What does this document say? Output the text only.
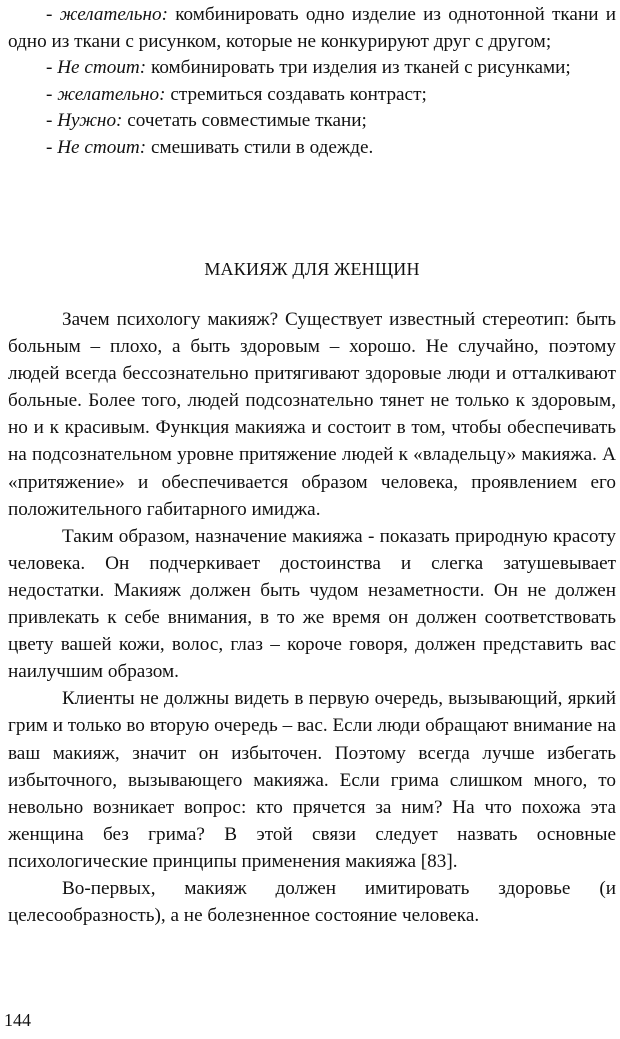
- желательно: комбинировать одно изделие из однотонной ткани и одно из ткани с рисунком, которые не конкурируют друг с другом;

- Не стоит: комбинировать три изделия из тканей с рисунками;

- желательно: стремиться создавать контраст;

- Нужно: сочетать совместимые ткани;

- Не стоит: смешивать стили в одежде.

МАКИЯЖ ДЛЯ ЖЕНЩИН

Зачем психологу макияж? Существует известный стереотип: быть больным – плохо, а быть здоровым – хорошо. Не случайно, поэтому людей всегда бессознательно притягивают здоровые люди и отталкивают больные. Более того, людей подсознательно тянет не только к здоровым, но и к красивым. Функция макияжа и состоит в том, чтобы обеспечивать на подсознательном уровне притяжение людей к «владельцу» макияжа. А «притяжение» и обеспечивается образом человека, проявлением его положительного габитарного имиджа.

Таким образом, назначение макияжа - показать природную красоту человека. Он подчеркивает достоинства и слегка затушевывает недостатки. Макияж должен быть чудом незаметности. Он не должен привлекать к себе внимания, в то же время он должен соответствовать цвету вашей кожи, волос, глаз – короче говоря, должен представить вас наилучшим образом.

Клиенты не должны видеть в первую очередь, вызывающий, яркий грим и только во вторую очередь – вас. Если люди обращают внимание на ваш макияж, значит он избыточен. Поэтому всегда лучше избегать избыточного, вызывающего макияжа. Если грима слишком много, то невольно возникает вопрос: кто прячется за ним? На что похожа эта женщина без грима? В этой связи следует назвать основные психологические принципы применения макияжа [83].

Во-первых, макияж должен имитировать здоровье (и целесообразность), а не болезненное состояние человека.

144
